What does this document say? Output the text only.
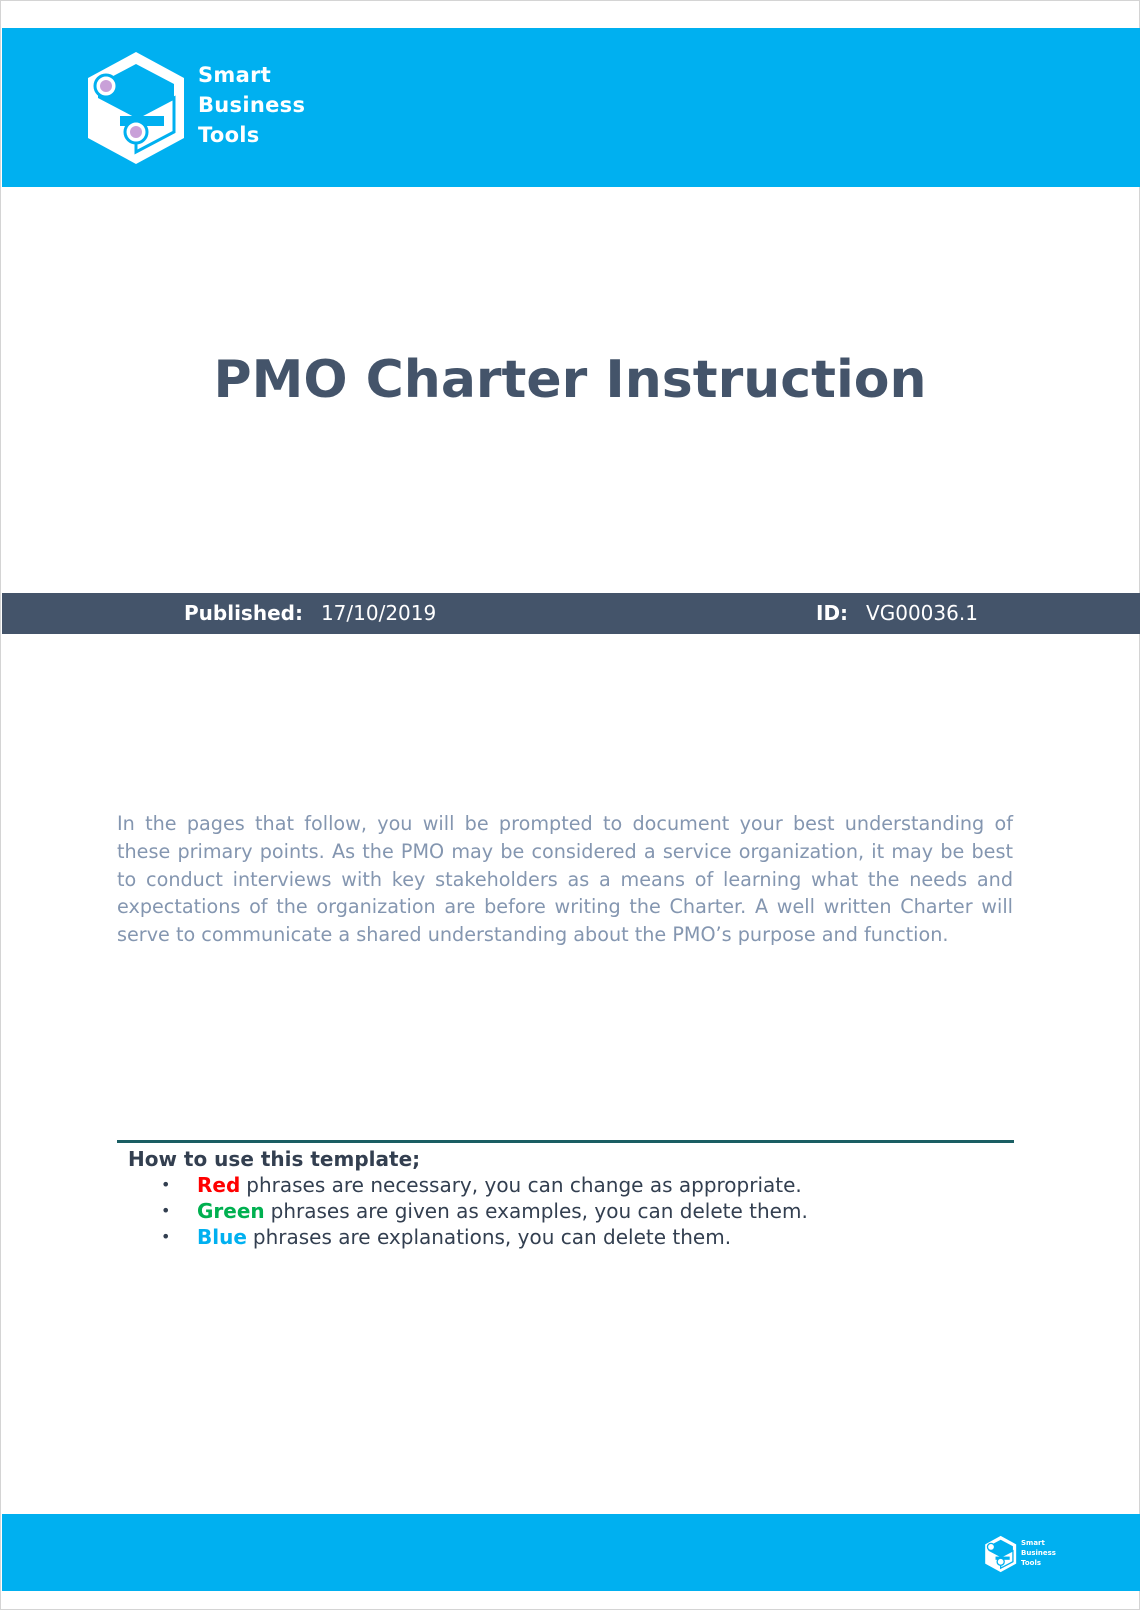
Smart
Business
Tools
PMO Charter Instruction
Published: 17/10/2019	ID: VG00036.1

In the pages that follow, you will be prompted to document your best understanding of these primary points. As the PMO may be considered a service organization, it may be best to conduct interviews with key stakeholders as a means of learning what the needs and expectations of the organization are before writing the Charter. A well written Charter will serve to communicate a shared understanding about the PMO’s purpose and function.

How to use this template;
• Red phrases are necessary, you can change as appropriate.
• Green phrases are given as examples, you can delete them.
• Blue phrases are explanations, you can delete them.
Smart
Business
Tools
